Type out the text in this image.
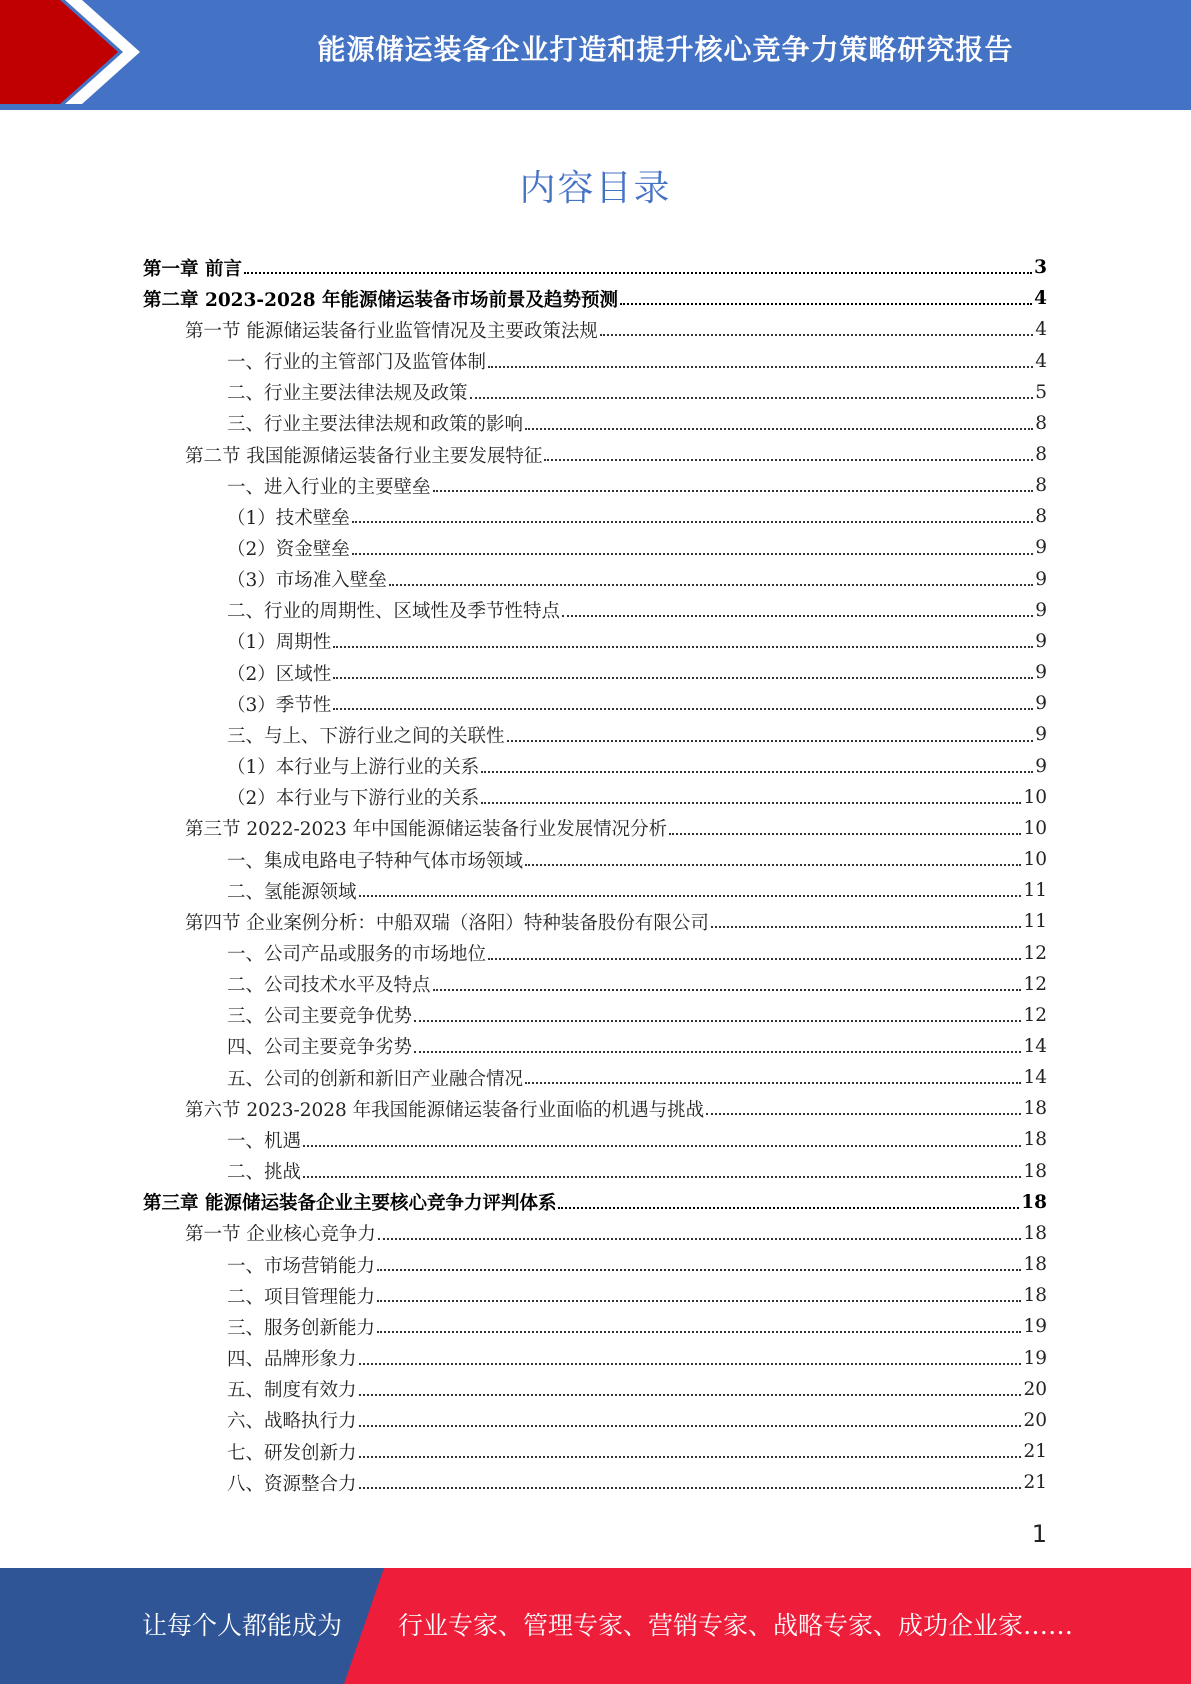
能源储运装备企业打造和提升核心竞争力策略研究报告
内容目录
第一章 前言	3
第二章 2023-2028 年能源储运装备市场前景及趋势预测	4
第一节 能源储运装备行业监管情况及主要政策法规	4
一、行业的主管部门及监管体制	4
二、行业主要法律法规及政策	5
三、行业主要法律法规和政策的影响	8
第二节 我国能源储运装备行业主要发展特征	8
一、进入行业的主要壁垒	8
（1）技术壁垒	8
（2）资金壁垒	9
（3）市场准入壁垒	9
二、行业的周期性、区域性及季节性特点	9
（1）周期性	9
（2）区域性	9
（3）季节性	9
三、与上、下游行业之间的关联性	9
（1）本行业与上游行业的关系	9
（2）本行业与下游行业的关系	10
第三节 2022-2023 年中国能源储运装备行业发展情况分析	10
一、集成电路电子特种气体市场领域	10
二、氢能源领域	11
第四节 企业案例分析：中船双瑞（洛阳）特种装备股份有限公司	11
一、公司产品或服务的市场地位	12
二、公司技术水平及特点	12
三、公司主要竞争优势	12
四、公司主要竞争劣势	14
五、公司的创新和新旧产业融合情况	14
第六节 2023-2028 年我国能源储运装备行业面临的机遇与挑战	18
一、机遇	18
二、挑战	18
第三章 能源储运装备企业主要核心竞争力评判体系	18
第一节 企业核心竞争力	18
一、市场营销能力	18
二、项目管理能力	18
三、服务创新能力	19
四、品牌形象力	19
五、制度有效力	20
六、战略执行力	20
七、研发创新力	21
八、资源整合力	21
1
让每个人都能成为 行业专家、管理专家、营销专家、战略专家、成功企业家……
